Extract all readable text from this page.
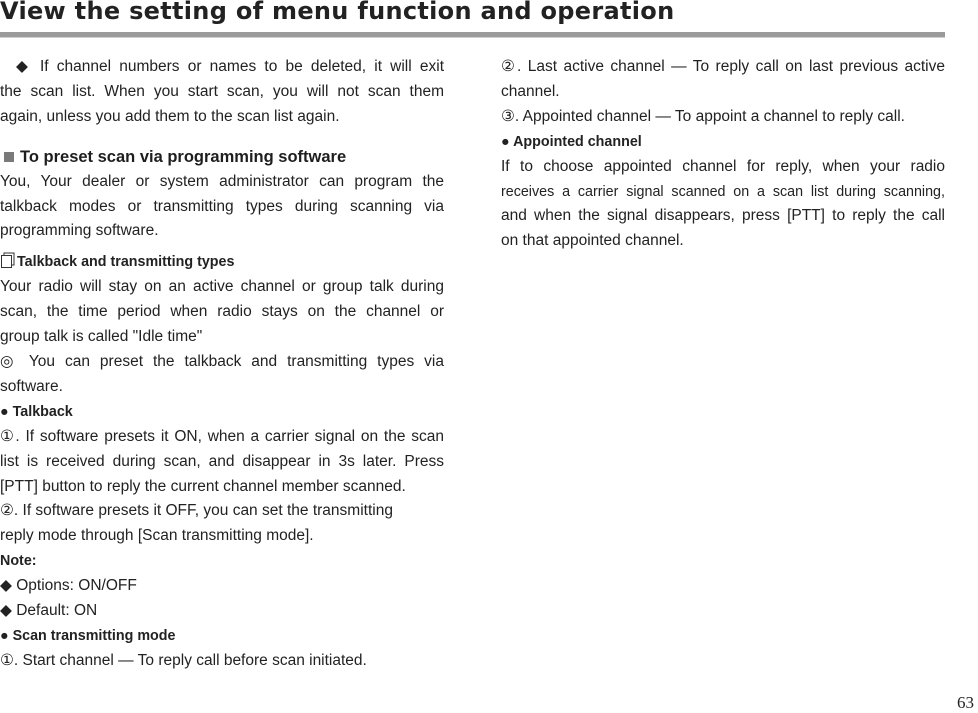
View the setting of menu function and operation

◆ If channel numbers or names to be deleted, it will exit

the scan list. When you start scan, you will not scan them

again, unless you add them to the scan list again.

To preset scan via programming software

You, Your dealer or system administrator can program the

talkback modes or transmitting types during scanning via

programming software.

Talkback and transmitting types

Your radio will stay on an active channel or group talk during

scan, the time period when radio stays on the channel or

group talk is called "Idle time"

◎ You can preset the talkback and transmitting types via

software.

● Talkback

①. If software presets it ON, when a carrier signal on the scan

list is received during scan, and disappear in 3s later. Press

[PTT] button to reply the current channel member scanned.

②. If software presets it OFF, you can set the transmitting

reply mode through [Scan transmitting mode].

Note:

◆ Options: ON/OFF

◆ Default: ON

● Scan transmitting mode

①. Start channel — To reply call before scan initiated.

②. Last active channel — To reply call on last previous active

channel.

③. Appointed channel — To appoint a channel to reply call.

● Appointed channel

If to choose appointed channel for reply, when your radio

receives a carrier signal scanned on a scan list during scanning,

and when the signal disappears, press [PTT] to reply the call

on that appointed channel.

63
